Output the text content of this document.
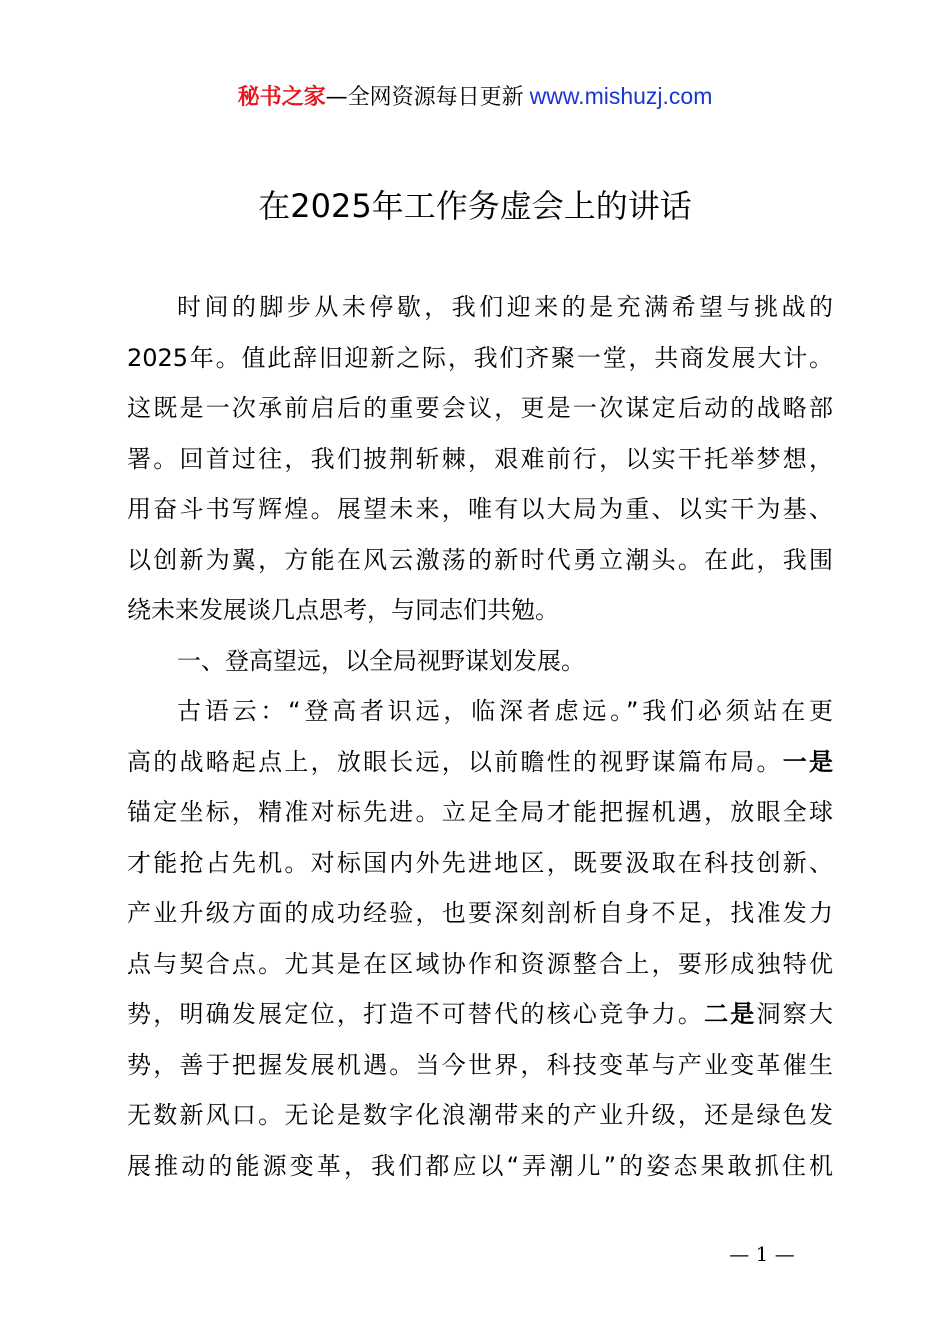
秘书之家—全网资源每日更新 www.mishuzj.com
在2025年工作务虚会上的讲话
时间的脚步从未停歇，我们迎来的是充满希望与挑战的
2025年。值此辞旧迎新之际，我们齐聚一堂，共商发展大计。
这既是一次承前启后的重要会议，更是一次谋定后动的战略部
署。回首过往，我们披荆斩棘，艰难前行，以实干托举梦想，
用奋斗书写辉煌。展望未来，唯有以大局为重、以实干为基、
以创新为翼，方能在风云激荡的新时代勇立潮头。在此，我围
绕未来发展谈几点思考，与同志们共勉。
一、登高望远，以全局视野谋划发展。
古语云：“登高者识远，临深者虑远。”我们必须站在更
高的战略起点上，放眼长远，以前瞻性的视野谋篇布局。一是
锚定坐标，精准对标先进。立足全局才能把握机遇，放眼全球
才能抢占先机。对标国内外先进地区，既要汲取在科技创新、
产业升级方面的成功经验，也要深刻剖析自身不足，找准发力
点与契合点。尤其是在区域协作和资源整合上，要形成独特优
势，明确发展定位，打造不可替代的核心竞争力。二是洞察大
势，善于把握发展机遇。当今世界，科技变革与产业变革催生
无数新风口。无论是数字化浪潮带来的产业升级，还是绿色发
展推动的能源变革，我们都应以“弄潮儿”的姿态果敢抓住机
— 1 —
